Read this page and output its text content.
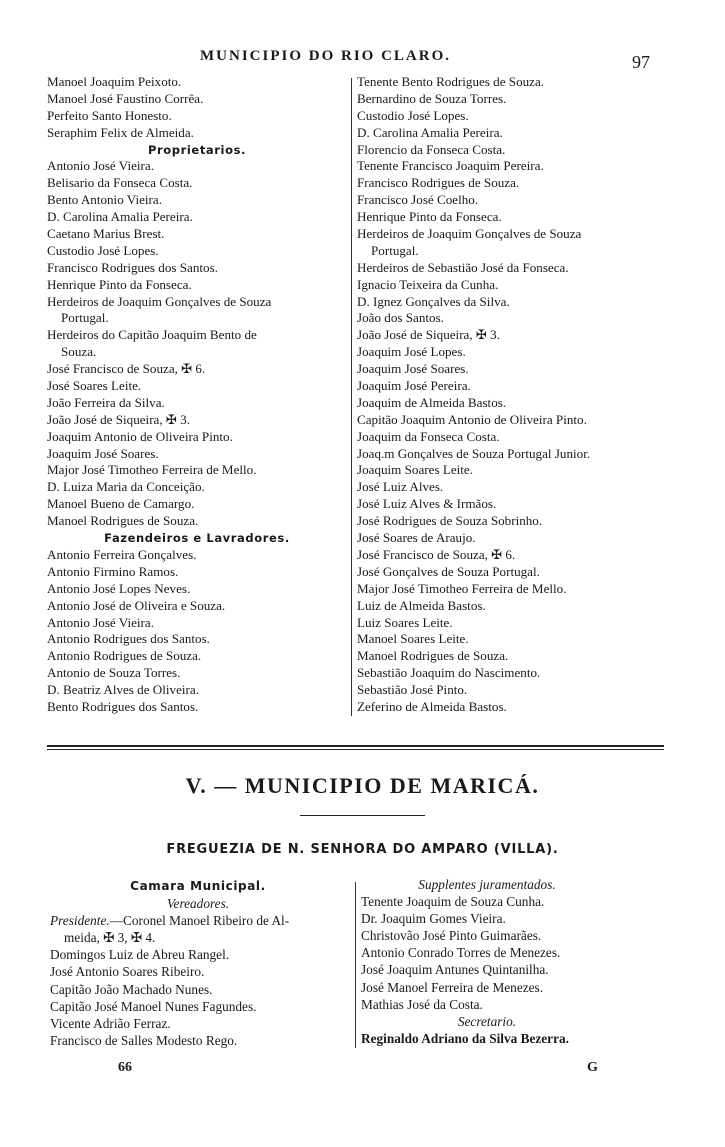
MUNICIPIO DO RIO CLARO.	97
Manoel Joaquim Peixoto.
Manoel José Faustino Corrêa.
Perfeito Santo Honesto.
Seraphim Felix de Almeida.
Proprietarios.
Antonio José Vieira.
Belisario da Fonseca Costa.
Bento Antonio Vieira.
D. Carolina Amalia Pereira.
Caetano Marius Brest.
Custodio José Lopes.
Francisco Rodrigues dos Santos.
Henrique Pinto da Fonseca.
Herdeiros de Joaquim Gonçalves de Souza
Portugal.
Herdeiros do Capitão Joaquim Bento de
Souza.
José Francisco de Souza, ✠ 6.
José Soares Leite.
João Ferreira da Silva.
João José de Siqueira, ✠ 3.
Joaquim Antonio de Oliveira Pinto.
Joaquim José Soares.
Major José Timotheo Ferreira de Mello.
D. Luiza Maria da Conceição.
Manoel Bueno de Camargo.
Manoel Rodrigues de Souza.
Fazendeiros e Lavradores.
Antonio Ferreira Gonçalves.
Antonio Firmino Ramos.
Antonio José Lopes Neves.
Antonio José de Oliveira e Souza.
Antonio José Vieira.
Antonio Rodrigues dos Santos.
Antonio Rodrigues de Souza.
Antonio de Souza Torres.
D. Beatriz Alves de Oliveira.
Bento Rodrigues dos Santos.
Tenente Bento Rodrigues de Souza.
Bernardino de Souza Torres.
Custodio José Lopes.
D. Carolina Amalia Pereira.
Florencio da Fonseca Costa.
Tenente Francisco Joaquim Pereira.
Francisco Rodrigues de Souza.
Francisco José Coelho.
Henrique Pinto da Fonseca.
Herdeiros de Joaquim Gonçalves de Souza
Portugal.
Herdeiros de Sebastião José da Fonseca.
Ignacio Teixeira da Cunha.
D. Ignez Gonçalves da Silva.
João dos Santos.
João José de Siqueira, ✠ 3.
Joaquim José Lopes.
Joaquim José Soares.
Joaquim José Pereira.
Joaquim de Almeida Bastos.
Capitão Joaquim Antonio de Oliveira Pinto.
Joaquim da Fonseca Costa.
Joaq.m Gonçalves de Souza Portugal Junior.
Joaquim Soares Leite.
José Luiz Alves.
José Luiz Alves & Irmãos.
José Rodrigues de Souza Sobrinho.
José Soares de Araujo.
José Francisco de Souza, ✠ 6.
José Gonçalves de Souza Portugal.
Major José Timotheo Ferreira de Mello.
Luiz de Almeida Bastos.
Luiz Soares Leite.
Manoel Soares Leite.
Manoel Rodrigues de Souza.
Sebastião Joaquim do Nascimento.
Sebastião José Pinto.
Zeferino de Almeida Bastos.
V. — MUNICIPIO DE MARICÁ.
FREGUEZIA DE N. SENHORA DO AMPARO (VILLA).
Camara Municipal.
Vereadores.
Presidente.—Coronel Manoel Ribeiro de Al-
meida, ✠ 3, ✠ 4.
Domingos Luiz de Abreu Rangel.
José Antonio Soares Ribeiro.
Capitão João Machado Nunes.
Capitão José Manoel Nunes Fagundes.
Vicente Adrião Ferraz.
Francisco de Salles Modesto Rego.
Supplentes juramentados.
Tenente Joaquim de Souza Cunha.
Dr. Joaquim Gomes Vieira.
Christovão José Pinto Guimarães.
Antonio Conrado Torres de Menezes.
José Joaquim Antunes Quintanilha.
José Manoel Ferreira de Menezes.
Mathias José da Costa.
Secretario.
Reginaldo Adriano da Silva Bezerra.
66	G
